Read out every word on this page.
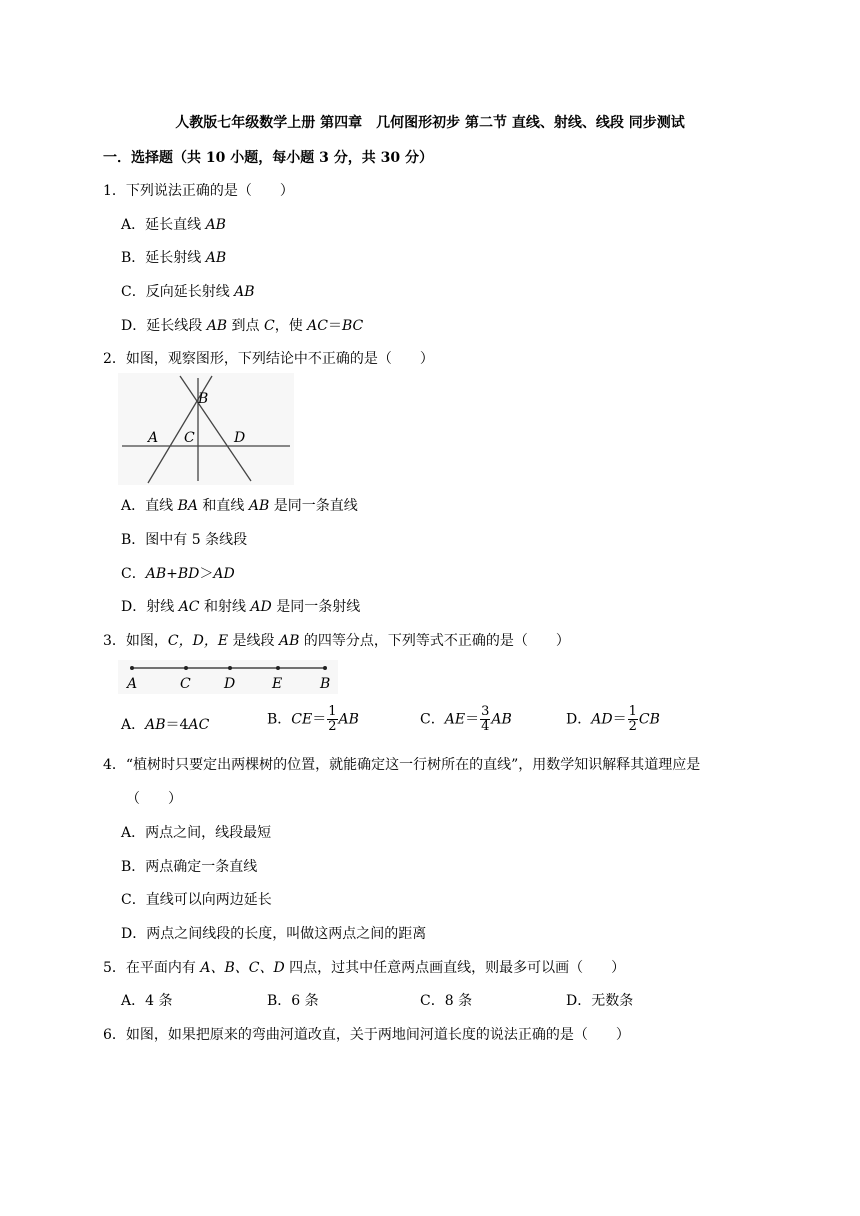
人教版七年级数学上册 第四章　几何图形初步 第二节 直线、射线、线段 同步测试
一．选择题（共 10 小题，每小题 3 分，共 30 分）
1．下列说法正确的是（　　）
A．延长直线 AB
B．延长射线 AB
C．反向延长射线 AB
D．延长线段 AB 到点 C，使 AC＝BC
2．如图，观察图形，下列结论中不正确的是（　　）
B
A C	D
A．直线 BA 和直线 AB 是同一条直线
B．图中有 5 条线段
C．AB+BD＞AD
D．射线 AC 和射线 AD 是同一条射线
3．如图，C，D，E 是线段 AB 的四等分点，下列等式不正确的是（　　）
A	C D	E	B
A．AB＝4AC	B．$CE= \frac{1}{2}$ AB	C．$AE= \frac{3}{4}$ AB	D．$AD= \frac{1}{2}$ CB
4．“植树时只要定出两棵树的位置，就能确定这一行树所在的直线”，用数学知识解释其道理应是
（　　）
A．两点之间，线段最短
B．两点确定一条直线
C．直线可以向两边延长
D．两点之间线段的长度，叫做这两点之间的距离
5．在平面内有 A、B、C、D 四点，过其中任意两点画直线，则最多可以画（　　）
A．4 条	B．6 条	C．8 条	D．无数条
6．如图，如果把原来的弯曲河道改直，关于两地间河道长度的说法正确的是（　　）
